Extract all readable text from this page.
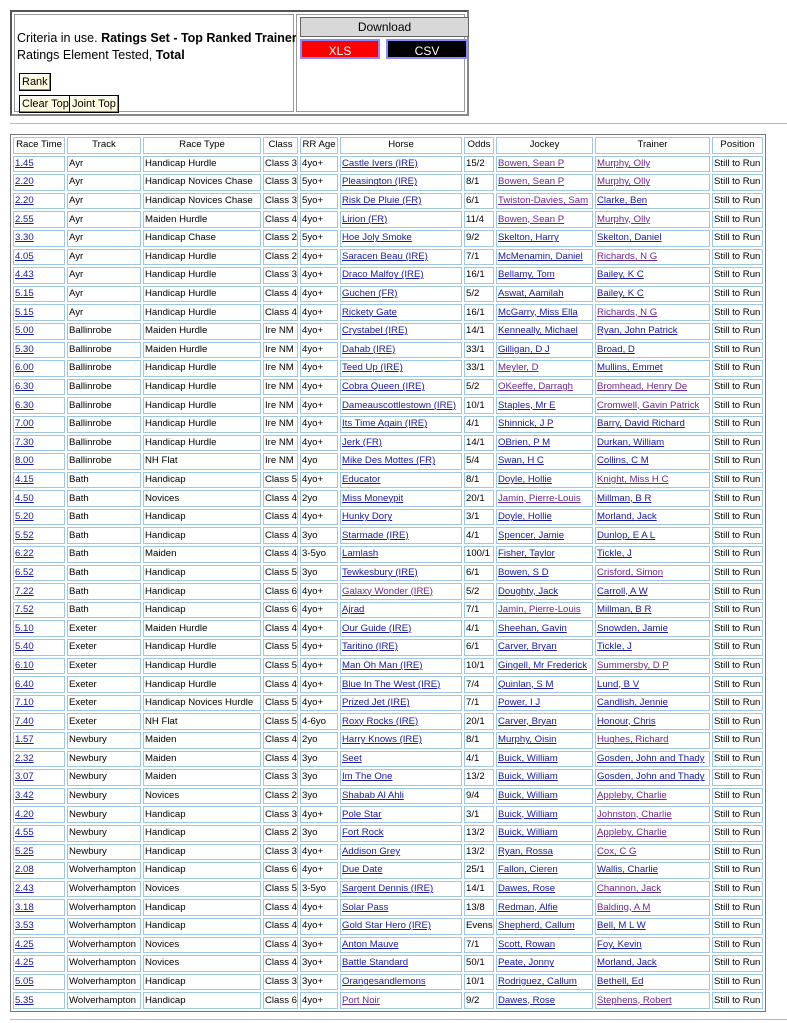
Criteria in use. Ratings Set - Top Ranked Trainer
Ratings Element Tested, Total
Rank
Clear Top Joint Top
Download
XLS	CSV
Race Time	Track	Race Type	Class	RR Age	Horse	Odds	Jockey	Trainer	Position
1.45	Ayr	Handicap Hurdle	Class 3	4yo+	Castle Ivers (IRE)	15/2	Bowen, Sean P	Murphy, Olly	Still to Run
2.20	Ayr	Handicap Novices Chase	Class 3	5yo+	Pleasington (IRE)	8/1	Bowen, Sean P	Murphy, Olly	Still to Run
2.20	Ayr	Handicap Novices Chase	Class 3	5yo+	Risk De Pluie (FR)	6/1	Twiston-Davies, Sam	Clarke, Ben	Still to Run
2.55	Ayr	Maiden Hurdle	Class 4	4yo+	Lirion (FR)	11/4	Bowen, Sean P	Murphy, Olly	Still to Run
3.30	Ayr	Handicap Chase	Class 2	5yo+	Hoe Joly Smoke	9/2	Skelton, Harry	Skelton, Daniel	Still to Run
4.05	Ayr	Handicap Hurdle	Class 2	4yo+	Saracen Beau (IRE)	7/1	McMenamin, Daniel	Richards, N G	Still to Run
4.43	Ayr	Handicap Hurdle	Class 3	4yo+	Draco Malfoy (IRE)	16/1	Bellamy, Tom	Bailey, K C	Still to Run
5.15	Ayr	Handicap Hurdle	Class 4	4yo+	Guchen (FR)	5/2	Aswat, Aamilah	Bailey, K C	Still to Run
5.15	Ayr	Handicap Hurdle	Class 4	4yo+	Rickety Gate	16/1	McGarry, Miss Ella	Richards, N G	Still to Run
5.00	Ballinrobe	Maiden Hurdle	Ire NM	4yo+	Crystabel (IRE)	14/1	Kenneally, Michael	Ryan, John Patrick	Still to Run
5.30	Ballinrobe	Maiden Hurdle	Ire NM	4yo+	Dahab (IRE)	33/1	Gilligan, D J	Broad, D	Still to Run
6.00	Ballinrobe	Handicap Hurdle	Ire NM	4yo+	Teed Up (IRE)	33/1	Meyler, D	Mullins, Emmet	Still to Run
6.30	Ballinrobe	Handicap Hurdle	Ire NM	4yo+	Cobra Queen (IRE)	5/2	OKeeffe, Darragh	Bromhead, Henry De	Still to Run
6.30	Ballinrobe	Handicap Hurdle	Ire NM	4yo+	Dameauscottlestown (IRE)	10/1	Staples, Mr E	Cromwell, Gavin Patrick	Still to Run
7.00	Ballinrobe	Handicap Hurdle	Ire NM	4yo+	Its Time Again (IRE)	4/1	Shinnick, J P	Barry, David Richard	Still to Run
7.30	Ballinrobe	Handicap Hurdle	Ire NM	4yo+	Jerk (FR)	14/1	OBrien, P M	Durkan, William	Still to Run
8.00	Ballinrobe	NH Flat	Ire NM	4yo	Mike Des Mottes (FR)	5/4	Swan, H C	Collins, C M	Still to Run
4.15	Bath	Handicap	Class 5	4yo+	Educator	8/1	Doyle, Hollie	Knight, Miss H C	Still to Run
4.50	Bath	Novices	Class 4	2yo	Miss Moneypit	20/1	Jamin, Pierre-Louis	Millman, B R	Still to Run
5.20	Bath	Handicap	Class 4	4yo+	Hunky Dory	3/1	Doyle, Hollie	Morland, Jack	Still to Run
5.52	Bath	Handicap	Class 4	3yo	Starmade (IRE)	4/1	Spencer, Jamie	Dunlop, E A L	Still to Run
6.22	Bath	Maiden	Class 4	3-5yo	Lamlash	100/1	Fisher, Taylor	Tickle, J	Still to Run
6.52	Bath	Handicap	Class 5	3yo	Tewkesbury (IRE)	6/1	Bowen, S D	Crisford, Simon	Still to Run
7.22	Bath	Handicap	Class 6	4yo+	Galaxy Wonder (IRE)	5/2	Doughty, Jack	Carroll, A W	Still to Run
7.52	Bath	Handicap	Class 6	4yo+	Ajrad	7/1	Jamin, Pierre-Louis	Millman, B R	Still to Run
5.10	Exeter	Maiden Hurdle	Class 4	4yo+	Our Guide (IRE)	4/1	Sheehan, Gavin	Snowden, Jamie	Still to Run
5.40	Exeter	Handicap Hurdle	Class 5	4yo+	Taritino (IRE)	6/1	Carver, Bryan	Tickle, J	Still to Run
6.10	Exeter	Handicap Hurdle	Class 5	4yo+	Man Oh Man (IRE)	10/1	Gingell, Mr Frederick	Summersby, D P	Still to Run
6.40	Exeter	Handicap Hurdle	Class 4	4yo+	Blue In The West (IRE)	7/4	Quinlan, S M	Lund, B V	Still to Run
7.10	Exeter	Handicap Novices Hurdle	Class 5	4yo+	Prized Jet (IRE)	7/1	Power, I J	Candlish, Jennie	Still to Run
7.40	Exeter	NH Flat	Class 5	4-6yo	Roxy Rocks (IRE)	20/1	Carver, Bryan	Honour, Chris	Still to Run
1.57	Newbury	Maiden	Class 4	2yo	Harry Knows (IRE)	8/1	Murphy, Oisin	Hughes, Richard	Still to Run
2.32	Newbury	Maiden	Class 4	3yo	Seet	4/1	Buick, William	Gosden, John and Thady	Still to Run
3.07	Newbury	Maiden	Class 3	3yo	Im The One	13/2	Buick, William	Gosden, John and Thady	Still to Run
3.42	Newbury	Novices	Class 2	3yo	Shabab Al Ahli	9/4	Buick, William	Appleby, Charlie	Still to Run
4.20	Newbury	Handicap	Class 3	4yo+	Pole Star	3/1	Buick, William	Johnston, Charlie	Still to Run
4.55	Newbury	Handicap	Class 2	3yo	Fort Rock	13/2	Buick, William	Appleby, Charlie	Still to Run
5.25	Newbury	Handicap	Class 3	4yo+	Addison Grey	13/2	Ryan, Rossa	Cox, C G	Still to Run
2.08	Wolverhampton	Handicap	Class 6	4yo+	Due Date	25/1	Fallon, Cieren	Wallis, Charlie	Still to Run
2.43	Wolverhampton	Novices	Class 5	3-5yo	Sargent Dennis (IRE)	14/1	Dawes, Rose	Channon, Jack	Still to Run
3.18	Wolverhampton	Handicap	Class 4	4yo+	Solar Pass	13/8	Redman, Alfie	Balding, A M	Still to Run
3.53	Wolverhampton	Handicap	Class 4	4yo+	Gold Star Hero (IRE)	Evens	Shepherd, Callum	Bell, M L W	Still to Run
4.25	Wolverhampton	Novices	Class 4	3yo+	Anton Mauve	7/1	Scott, Rowan	Foy, Kevin	Still to Run
4.25	Wolverhampton	Novices	Class 4	3yo+	Battle Standard	50/1	Peate, Jonny	Morland, Jack	Still to Run
5.05	Wolverhampton	Handicap	Class 3	3yo+	Orangesandlemons	10/1	Rodriguez, Callum	Bethell, Ed	Still to Run
5.35	Wolverhampton	Handicap	Class 6	4yo+	Port Noir	9/2	Dawes, Rose	Stephens, Robert	Still to Run
